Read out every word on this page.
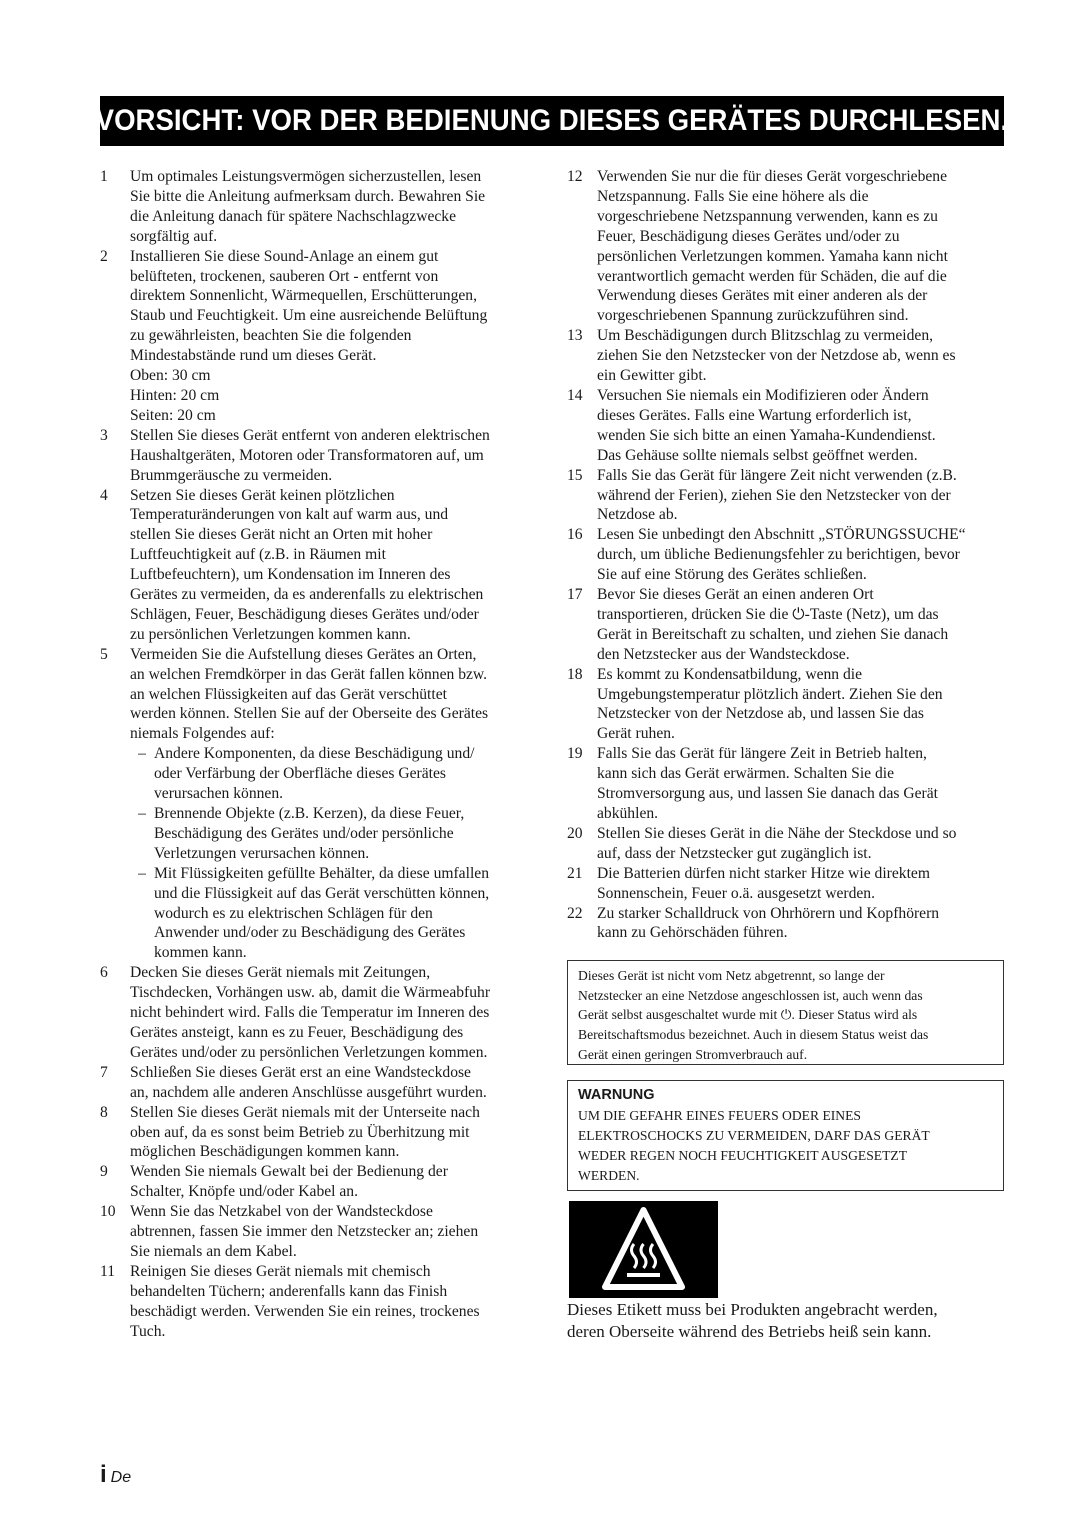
VORSICHT: VOR DER BEDIENUNG DIESES GERÄTES DURCHLESEN.
1	Um optimales Leistungsvermögen sicherzustellen, lesen
Sie bitte die Anleitung aufmerksam durch. Bewahren Sie
die Anleitung danach für spätere Nachschlagzwecke
sorgfältig auf.
2	Installieren Sie diese Sound-Anlage an einem gut
belüfteten, trockenen, sauberen Ort - entfernt von
direktem Sonnenlicht, Wärmequellen, Erschütterungen,
Staub und Feuchtigkeit. Um eine ausreichende Belüftung
zu gewährleisten, beachten Sie die folgenden
Mindestabstände rund um dieses Gerät.
Oben: 30 cm
Hinten: 20 cm
Seiten: 20 cm
3	Stellen Sie dieses Gerät entfernt von anderen elektrischen
Haushaltgeräten, Motoren oder Transformatoren auf, um
Brummgeräusche zu vermeiden.
4	Setzen Sie dieses Gerät keinen plötzlichen
Temperaturänderungen von kalt auf warm aus, und
stellen Sie dieses Gerät nicht an Orten mit hoher
Luftfeuchtigkeit auf (z.B. in Räumen mit
Luftbefeuchtern), um Kondensation im Inneren des
Gerätes zu vermeiden, da es anderenfalls zu elektrischen
Schlägen, Feuer, Beschädigung dieses Gerätes und/oder
zu persönlichen Verletzungen kommen kann.
5	Vermeiden Sie die Aufstellung dieses Gerätes an Orten,
an welchen Fremdkörper in das Gerät fallen können bzw.
an welchen Flüssigkeiten auf das Gerät verschüttet
werden können. Stellen Sie auf der Oberseite des Gerätes
niemals Folgendes auf:
– Andere Komponenten, da diese Beschädigung und/
oder Verfärbung der Oberfläche dieses Gerätes
verursachen können.
– Brennende Objekte (z.B. Kerzen), da diese Feuer,
Beschädigung des Gerätes und/oder persönliche
Verletzungen verursachen können.
– Mit Flüssigkeiten gefüllte Behälter, da diese umfallen
und die Flüssigkeit auf das Gerät verschütten können,
wodurch es zu elektrischen Schlägen für den
Anwender und/oder zu Beschädigung des Gerätes
kommen kann.
6	Decken Sie dieses Gerät niemals mit Zeitungen,
Tischdecken, Vorhängen usw. ab, damit die Wärmeabfuhr
nicht behindert wird. Falls die Temperatur im Inneren des
Gerätes ansteigt, kann es zu Feuer, Beschädigung des
Gerätes und/oder zu persönlichen Verletzungen kommen.
7	Schließen Sie dieses Gerät erst an eine Wandsteckdose
an, nachdem alle anderen Anschlüsse ausgeführt wurden.
8	Stellen Sie dieses Gerät niemals mit der Unterseite nach
oben auf, da es sonst beim Betrieb zu Überhitzung mit
möglichen Beschädigungen kommen kann.
9	Wenden Sie niemals Gewalt bei der Bedienung der
Schalter, Knöpfe und/oder Kabel an.
10 Wenn Sie das Netzkabel von der Wandsteckdose
abtrennen, fassen Sie immer den Netzstecker an; ziehen
Sie niemals an dem Kabel.
11 Reinigen Sie dieses Gerät niemals mit chemisch
behandelten Tüchern; anderenfalls kann das Finish
beschädigt werden. Verwenden Sie ein reines, trockenes
Tuch.
12 Verwenden Sie nur die für dieses Gerät vorgeschriebene
Netzspannung. Falls Sie eine höhere als die
vorgeschriebene Netzspannung verwenden, kann es zu
Feuer, Beschädigung dieses Gerätes und/oder zu
persönlichen Verletzungen kommen. Yamaha kann nicht
verantwortlich gemacht werden für Schäden, die auf die
Verwendung dieses Gerätes mit einer anderen als der
vorgeschriebenen Spannung zurückzuführen sind.
13 Um Beschädigungen durch Blitzschlag zu vermeiden,
ziehen Sie den Netzstecker von der Netzdose ab, wenn es
ein Gewitter gibt.
14 Versuchen Sie niemals ein Modifizieren oder Ändern
dieses Gerätes. Falls eine Wartung erforderlich ist,
wenden Sie sich bitte an einen Yamaha-Kundendienst.
Das Gehäuse sollte niemals selbst geöffnet werden.
15 Falls Sie das Gerät für längere Zeit nicht verwenden (z.B.
während der Ferien), ziehen Sie den Netzstecker von der
Netzdose ab.
16 Lesen Sie unbedingt den Abschnitt „STÖRUNGSSUCHE“
durch, um übliche Bedienungsfehler zu berichtigen, bevor
Sie auf eine Störung des Gerätes schließen.
17 Bevor Sie dieses Gerät an einen anderen Ort
transportieren, drücken Sie die ⏻-Taste (Netz), um das
Gerät in Bereitschaft zu schalten, und ziehen Sie danach
den Netzstecker aus der Wandsteckdose.
18 Es kommt zu Kondensatbildung, wenn die
Umgebungstemperatur plötzlich ändert. Ziehen Sie den
Netzstecker von der Netzdose ab, und lassen Sie das
Gerät ruhen.
19 Falls Sie das Gerät für längere Zeit in Betrieb halten,
kann sich das Gerät erwärmen. Schalten Sie die
Stromversorgung aus, und lassen Sie danach das Gerät
abkühlen.
20 Stellen Sie dieses Gerät in die Nähe der Steckdose und so
auf, dass der Netzstecker gut zugänglich ist.
21 Die Batterien dürfen nicht starker Hitze wie direktem
Sonnenschein, Feuer o.ä. ausgesetzt werden.
22 Zu starker Schalldruck von Ohrhörern und Kopfhörern
kann zu Gehörschäden führen.
Dieses Gerät ist nicht vom Netz abgetrennt, so lange der
Netzstecker an eine Netzdose angeschlossen ist, auch wenn das
Gerät selbst ausgeschaltet wurde mit ⏻. Dieser Status wird als
Bereitschaftsmodus bezeichnet. Auch in diesem Status weist das
Gerät einen geringen Stromverbrauch auf.
WARNUNG
UM DIE GEFAHR EINES FEUERS ODER EINES
ELEKTROSCHOCKS ZU VERMEIDEN, DARF DAS GERÄT
WEDER REGEN NOCH FEUCHTIGKEIT AUSGESETZT
WERDEN.
Dieses Etikett muss bei Produkten angebracht werden,
deren Oberseite während des Betriebs heiß sein kann.
i De
